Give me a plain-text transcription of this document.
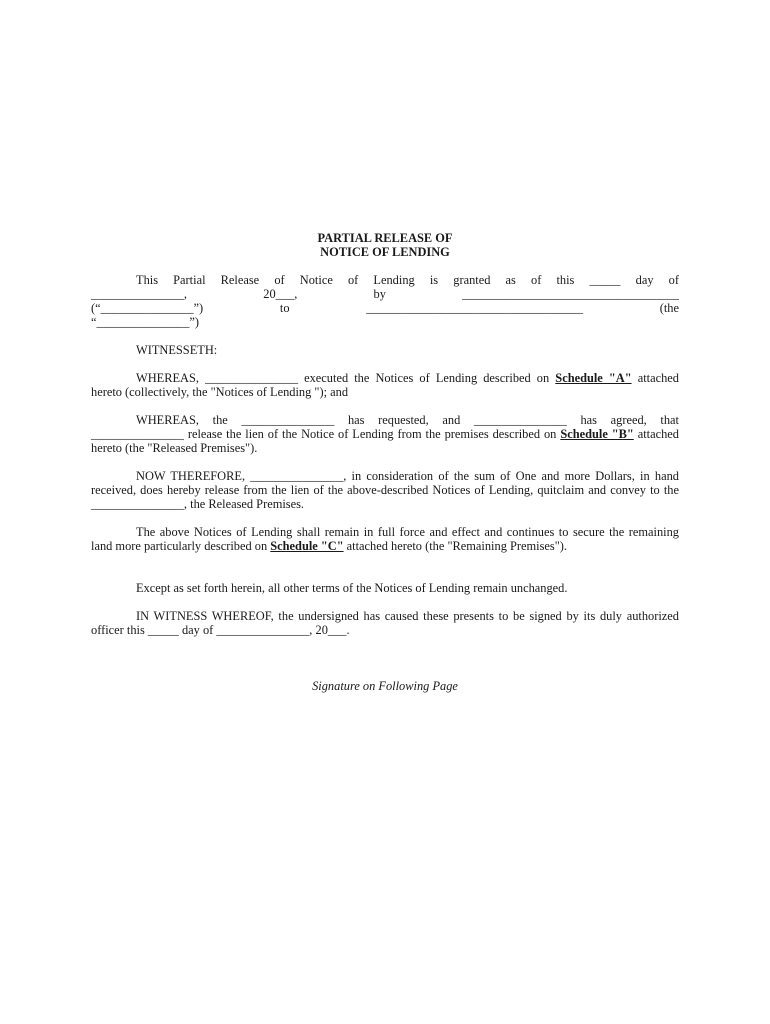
PARTIAL RELEASE OF
NOTICE OF LENDING
This Partial Release of Notice of Lending is granted as of this _____ day of
_______________,	20___,	by	___________________________________
(“_______________”)	to	___________________________________	(the
“_______________”)
WITNESSETH:
WHEREAS, _______________ executed the Notices of Lending described on Schedule "A" attached hereto (collectively, the "Notices of Lending "); and
WHEREAS, the _______________ has requested, and _______________ has agreed, that _______________ release the lien of the Notice of Lending from the premises described on Schedule "B" attached hereto (the "Released Premises").
NOW THEREFORE, _______________, in consideration of the sum of One and more Dollars, in hand received, does hereby release from the lien of the above-described Notices of Lending, quitclaim and convey to the _______________, the Released Premises.
The above Notices of Lending shall remain in full force and effect and continues to secure the remaining land more particularly described on Schedule "C" attached hereto (the "Remaining Premises").
Except as set forth herein, all other terms of the Notices of Lending remain unchanged.
IN WITNESS WHEREOF, the undersigned has caused these presents to be signed by its duly authorized officer this _____ day of _______________, 20___.
Signature on Following Page
